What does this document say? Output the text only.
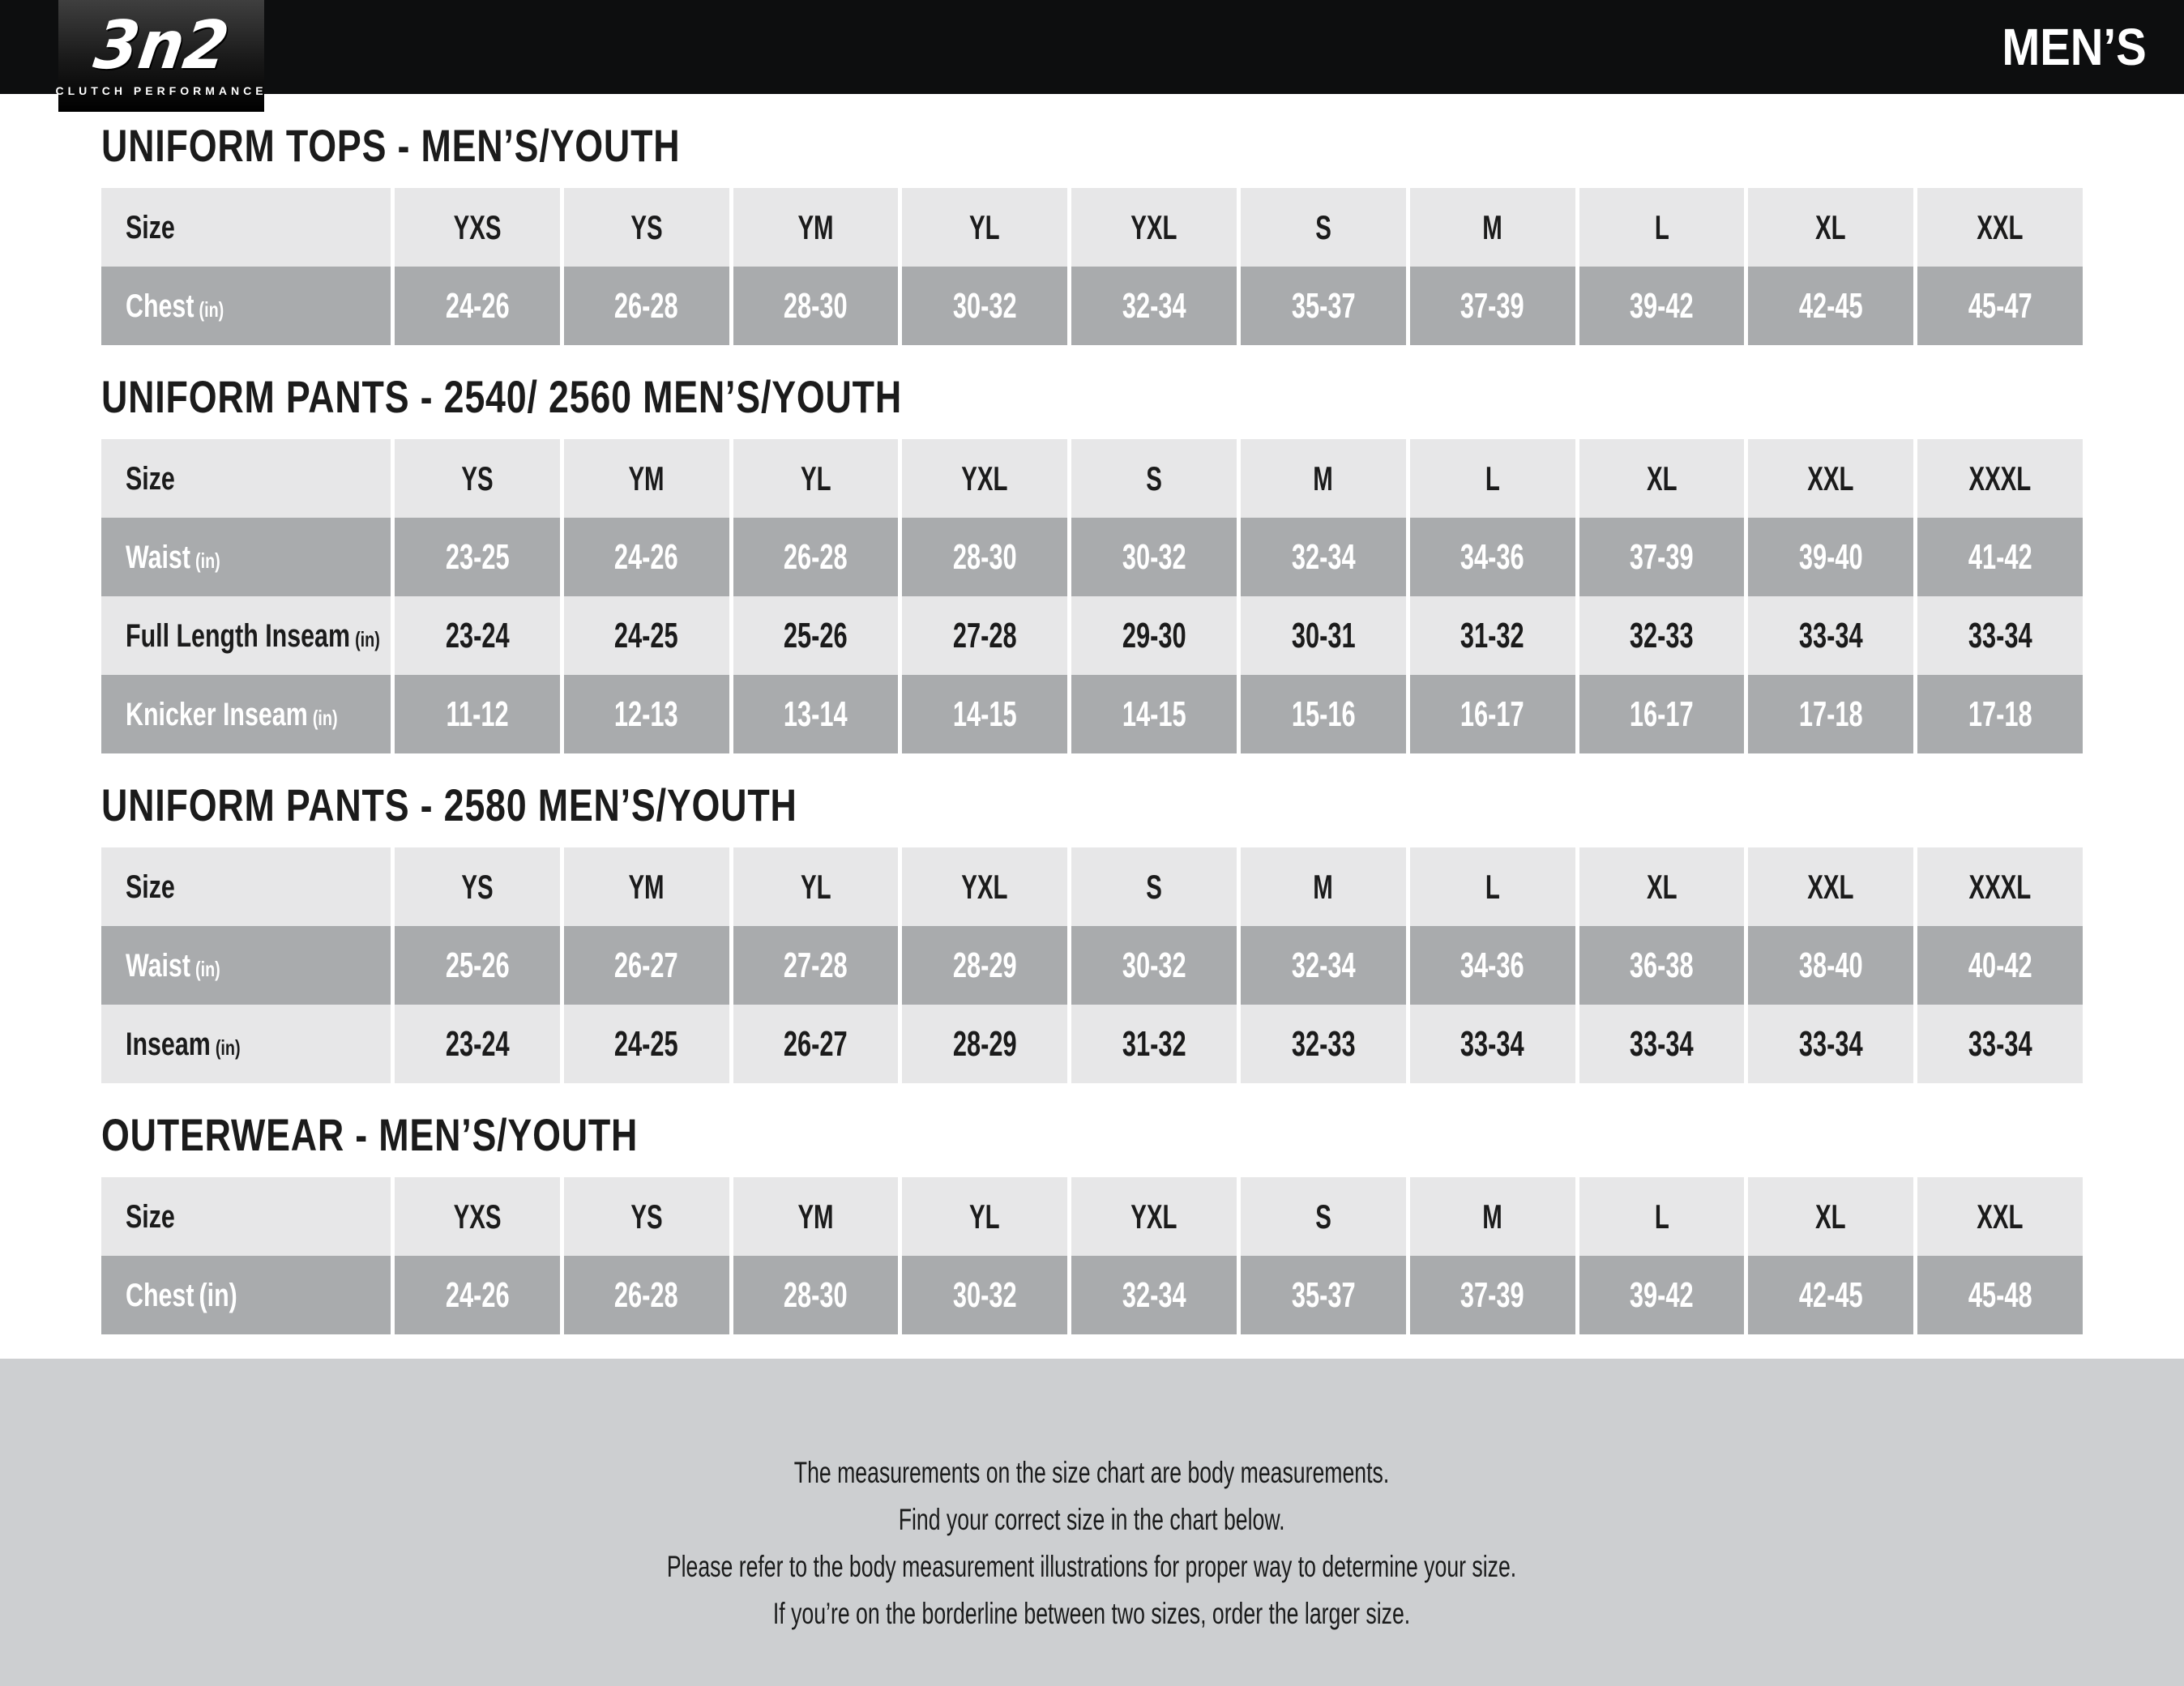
3n2
CLUTCH PERFORMANCE
MEN’S
UNIFORM TOPS - MEN’S/YOUTH
Size	YXS	YS	YM	YL	YXL	S	M	L	XL	XXL
Chest (in)	24-26	26-28	28-30	30-32	32-34	35-37	37-39	39-42	42-45	45-47
UNIFORM PANTS - 2540/ 2560 MEN’S/YOUTH
Size	YS	YM	YL	YXL	S	M	L	XL	XXL	XXXL
Waist (in)	23-25	24-26	26-28	28-30	30-32	32-34	34-36	37-39	39-40	41-42
Full Length Inseam (in) 23-24	24-25	25-26	27-28	29-30	30-31	31-32	32-33	33-34	33-34
Knicker Inseam (in)	11-12	12-13	13-14	14-15	14-15	15-16	16-17	16-17	17-18	17-18
UNIFORM PANTS - 2580 MEN’S/YOUTH
Size	YS	YM	YL	YXL	S	M	L	XL	XXL	XXXL
Waist (in)	25-26	26-27	27-28	28-29	30-32	32-34	34-36	36-38	38-40	40-42
Inseam (in)	23-24	24-25	26-27	28-29	31-32	32-33	33-34	33-34	33-34	33-34
OUTERWEAR - MEN’S/YOUTH
Size	YXS	YS	YM	YL	YXL	S	M	L	XL	XXL
Chest (in)	24-26	26-28	28-30	30-32	32-34	35-37	37-39	39-42	42-45	45-48
The measurements on the size chart are body measurements.
Find your correct size in the chart below.
Please refer to the body measurement illustrations for proper way to determine your size.
If you’re on the borderline between two sizes, order the larger size.
